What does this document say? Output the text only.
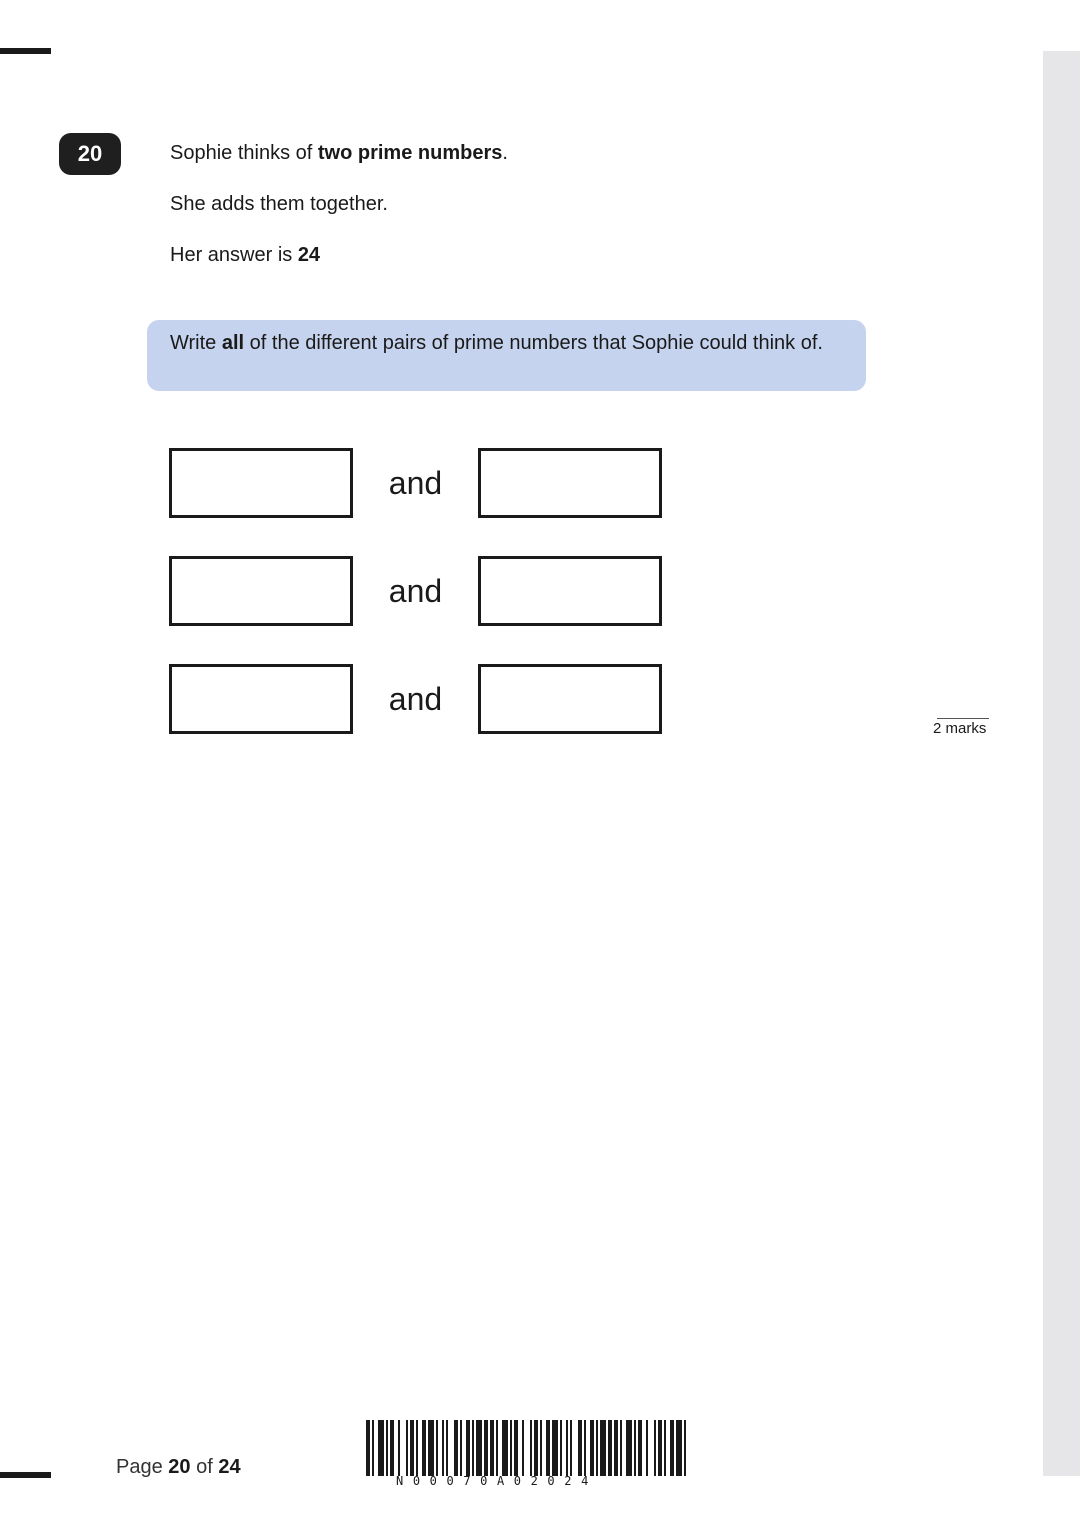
20	Sophie thinks of two prime numbers.

She adds them together.

Her answer is 24

Write all of the different pairs of prime numbers that Sophie could think of.
and
and
and
2 marks
Page 20 of 24
N00070A02024
